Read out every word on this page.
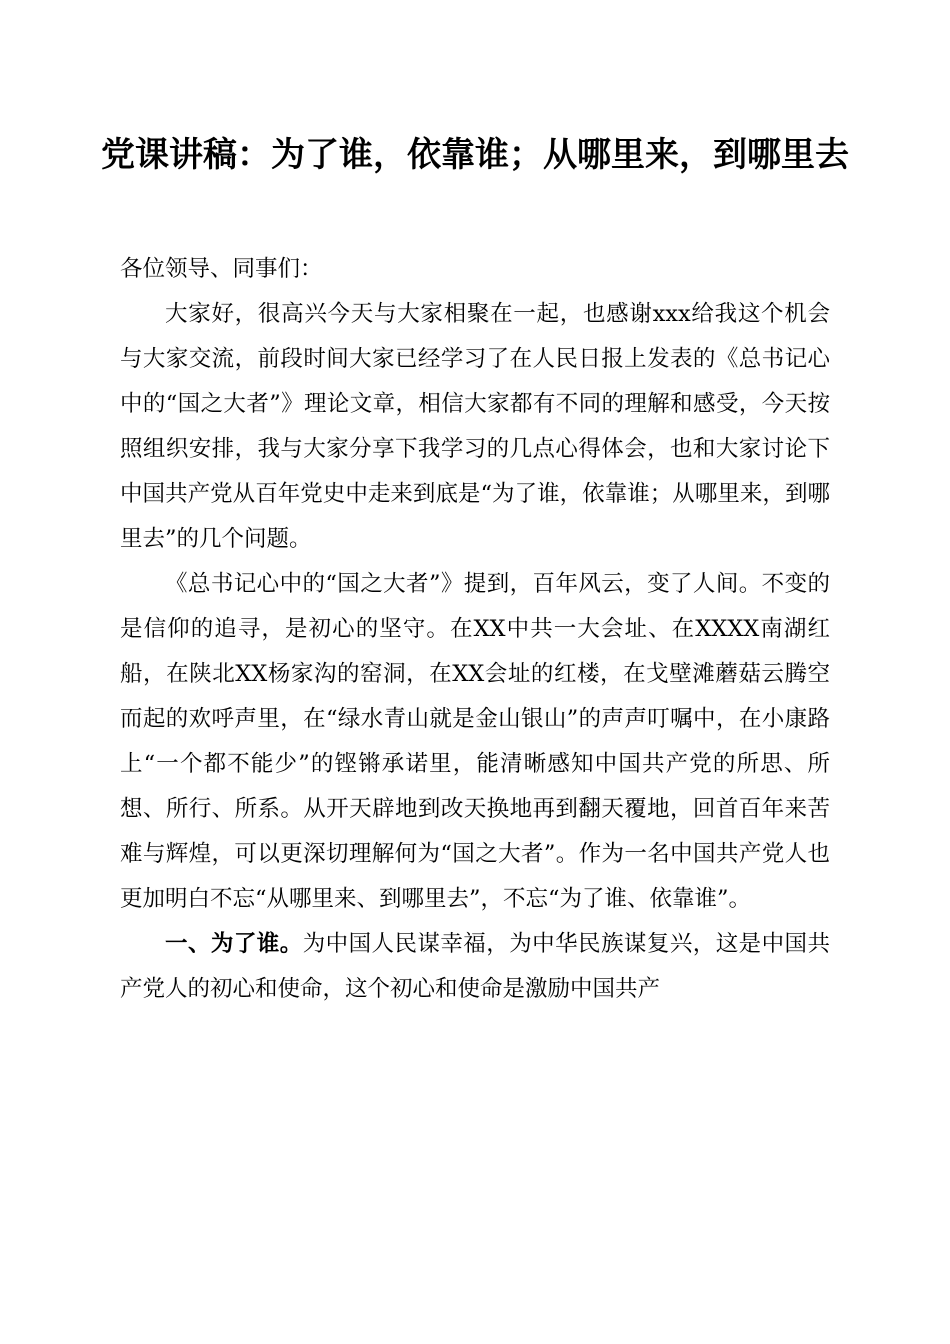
党课讲稿：为了谁，依靠谁；从哪里来，到哪里去

各位领导、同事们：

大家好，很高兴今天与大家相聚在一起，也感谢xxx给我这个机会与大家交流，前段时间大家已经学习了在人民日报上发表的《总书记心中的“国之大者”》理论文章，相信大家都有不同的理解和感受，今天按照组织安排，我与大家分享下我学习的几点心得体会，也和大家讨论下中国共产党从百年党史中走来到底是“为了谁，依靠谁；从哪里来，到哪里去”的几个问题。

《总书记心中的“国之大者”》提到，百年风云，变了人间。不变的是信仰的追寻，是初心的坚守。在XX中共一大会址、在XXXX南湖红船，在陕北XX杨家沟的窑洞，在XX会址的红楼，在戈壁滩蘑菇云腾空而起的欢呼声里，在“绿水青山就是金山银山”的声声叮嘱中，在小康路上“一个都不能少”的铿锵承诺里，能清晰感知中国共产党的所思、所想、所行、所系。从开天辟地到改天换地再到翻天覆地，回首百年来苦难与辉煌，可以更深切理解何为“国之大者”。作为一名中国共产党人也更加明白不忘“从哪里来、到哪里去”，不忘“为了谁、依靠谁”。

一、为了谁。为中国人民谋幸福，为中华民族谋复兴，这是中国共产党人的初心和使命，这个初心和使命是激励中国共产
